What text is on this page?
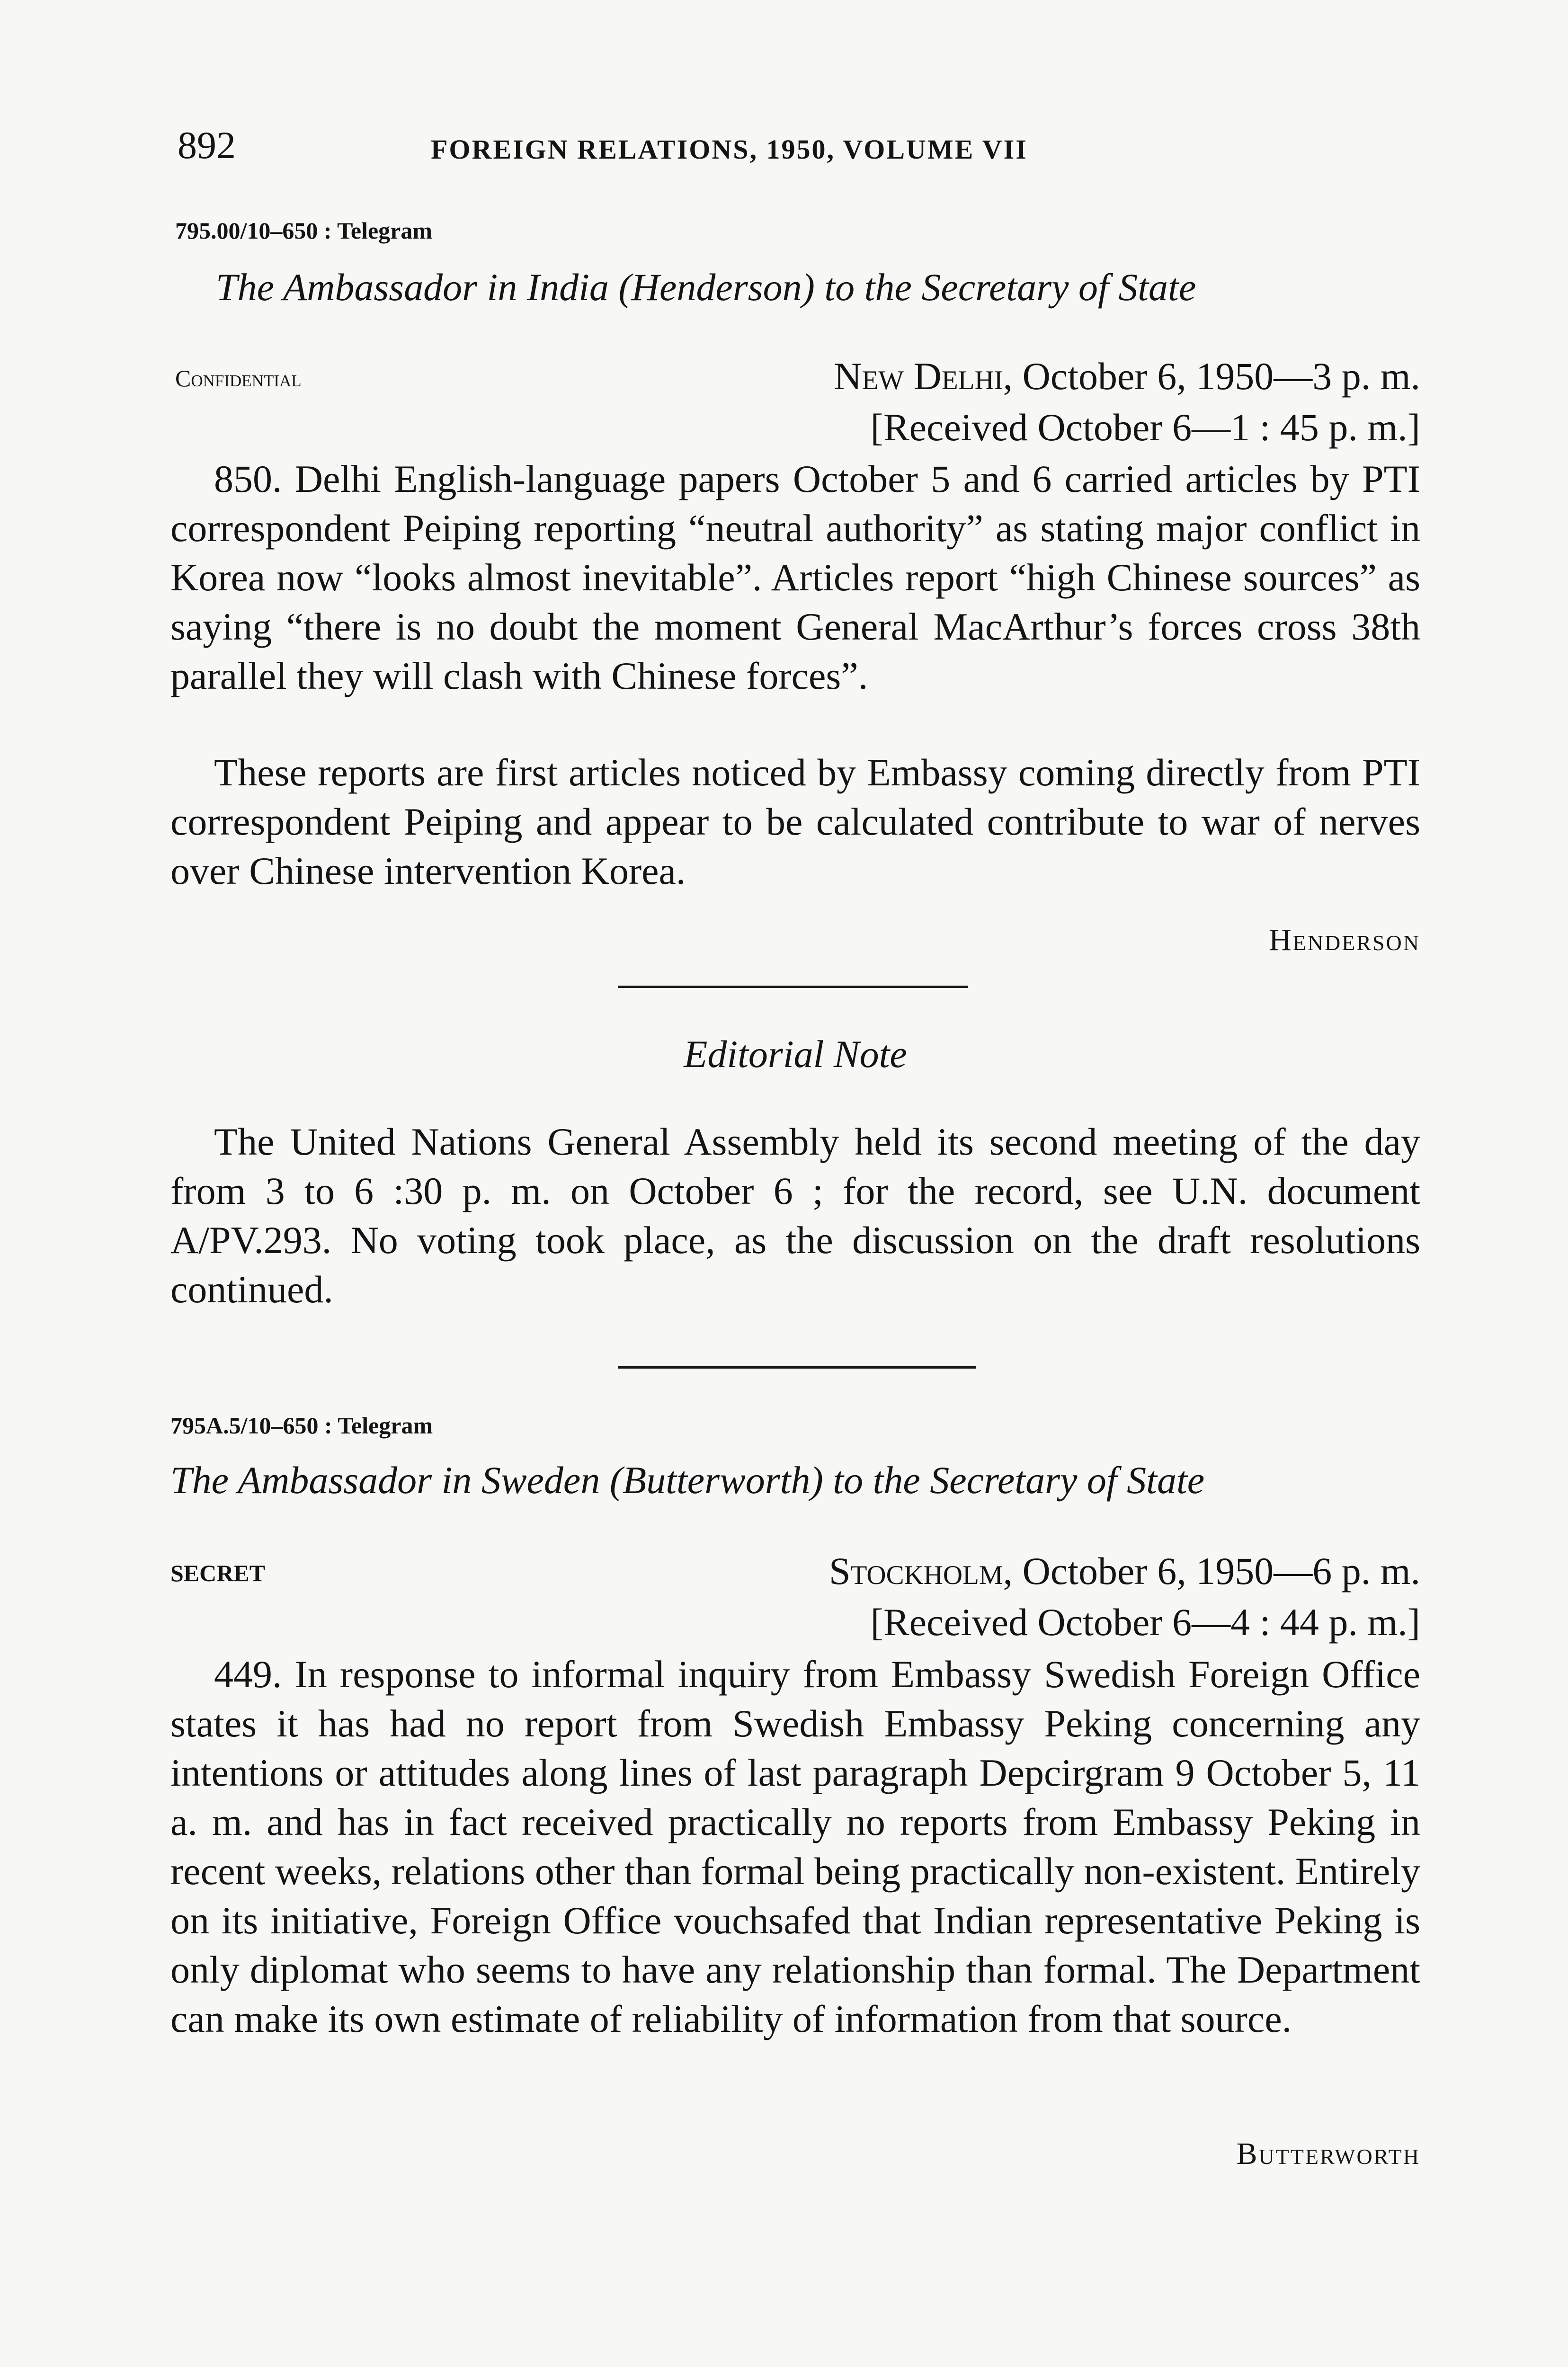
892	FOREIGN RELATIONS, 1950, VOLUME VII
795.00/10–650 : Telegram
The Ambassador in India (Henderson) to the Secretary of State
Confidential	New Delhi, October 6, 1950—3 p. m.
[Received October 6—1 : 45 p. m.]
850. Delhi English-language papers October 5 and 6 carried articles by PTI correspondent Peiping reporting “neutral authority” as stating major conflict in Korea now “looks almost inevitable”. Articles report “high Chinese sources” as saying “there is no doubt the moment General MacArthur’s forces cross 38th parallel they will clash with Chinese forces”.
These reports are first articles noticed by Embassy coming directly from PTI correspondent Peiping and appear to be calculated contribute to war of nerves over Chinese intervention Korea.
Henderson
Editorial Note
The United Nations General Assembly held its second meeting of the day from 3 to 6 :30 p. m. on October 6 ; for the record, see U.N. document A/PV.293. No voting took place, as the discussion on the draft resolutions continued.
795A.5/10–650 : Telegram
The Ambassador in Sweden (Butterworth) to the Secretary of State
SECRET	Stockholm, October 6, 1950—6 p. m.
[Received October 6—4 : 44 p. m.]
449. In response to informal inquiry from Embassy Swedish Foreign Office states it has had no report from Swedish Embassy Peking concerning any intentions or attitudes along lines of last paragraph Depcirgram 9 October 5, 11 a. m. and has in fact received practically no reports from Embassy Peking in recent weeks, relations other than formal being practically non-existent. Entirely on its initiative, Foreign Office vouchsafed that Indian representative Peking is only diplomat who seems to have any relationship than formal. The Department can make its own estimate of reliability of information from that source.
Butterworth
